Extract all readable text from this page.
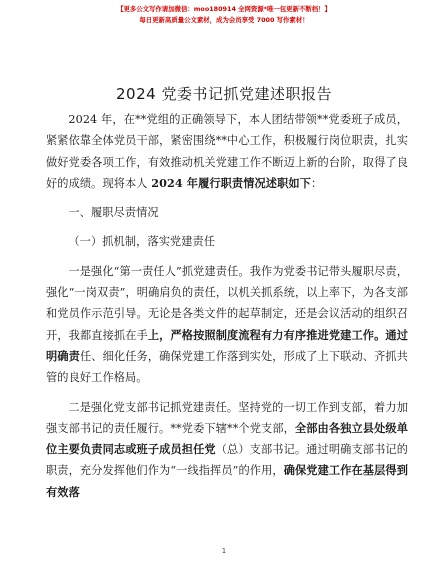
【更多公文写作请加微信：moo180914 全网资源*唯一包更新不断档！】
每日更新高质量公文素材，成为会员享受 7000 写作素材！
2024 党委书记抓党建述职报告

2024 年，在**党组的正确领导下，本人团结带领**党委班子成员，紧紧依靠全体党员干部，紧密围绕**中心工作，积极履行岗位职责，扎实做好党委各项工作，有效推动机关党建工作不断迈上新的台阶，取得了良好的成绩。现将本人 2024 年履行职责情况述职如下：

一、履职尽责情况

（一）抓机制，落实党建责任

一是强化“第一责任人”抓党建责任。我作为党委书记带头履职尽责，强化“一岗双责”，明确肩负的责任，以机关抓系统，以上率下，为各支部和党员作示范引导。无论是各类文件的起草制定，还是会议活动的组织召开，我都直接抓在手上，严格按照制度流程有力有序推进党建工作。通过明确责任、细化任务，确保党建工作落到实处，形成了上下联动、齐抓共管的良好工作格局。

二是强化党支部书记抓党建责任。坚持党的一切工作到支部，着力加强支部书记的责任履行。**党委下辖**个党支部，全部由各独立县处级单位主要负责同志或班子成员担任党（总）支部书记。通过明确支部书记的职责，充分发挥他们作为“一线指挥员”的作用，确保党建工作在基层得到有效落

1
